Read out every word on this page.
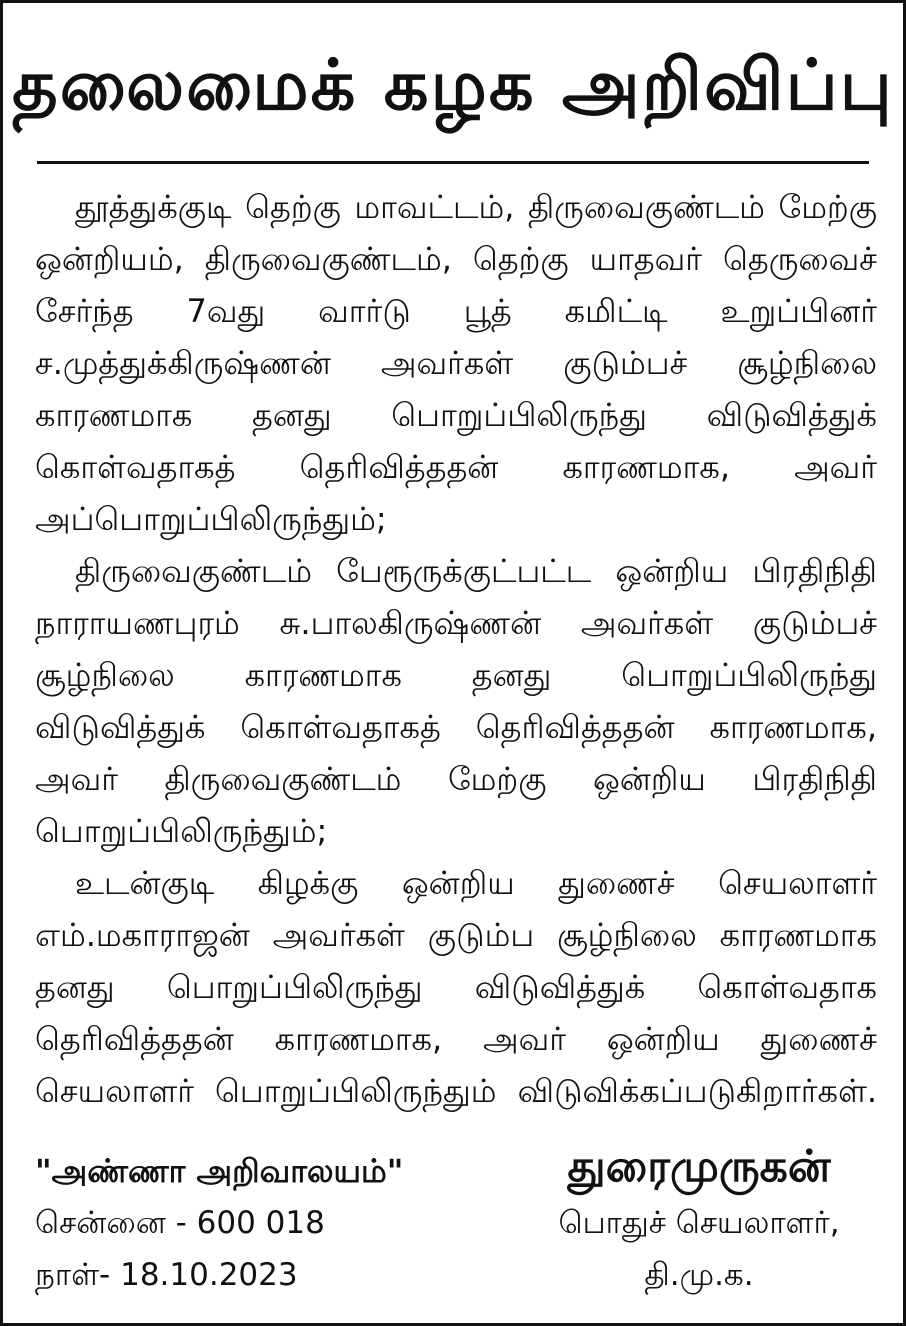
தலைமைக் கழக அறிவிப்பு

தூத்துக்குடி தெற்கு மாவட்டம், திருவைகுண்டம் மேற்கு ஒன்றியம், திருவைகுண்டம், தெற்கு யாதவர் தெருவைச் சேர்ந்த 7வது வார்டு பூத் கமிட்டி உறுப்பினர் ச.முத்துக்கிருஷ்ணன் அவர்கள் குடும்பச் சூழ்நிலை காரணமாக தனது பொறுப்பிலிருந்து விடுவித்துக் கொள்வதாகத் தெரிவித்ததன் காரணமாக, அவர் அப்பொறுப்பிலிருந்தும்;

திருவைகுண்டம் பேரூருக்குட்பட்ட ஒன்றிய பிரதிநிதி நாராயணபுரம் சு.பாலகிருஷ்ணன் அவர்கள் குடும்பச் சூழ்நிலை காரணமாக தனது பொறுப்பிலிருந்து விடுவித்துக் கொள்வதாகத் தெரிவித்ததன் காரணமாக, அவர் திருவைகுண்டம் மேற்கு ஒன்றிய பிரதிநிதி பொறுப்பிலிருந்தும்;

உடன்குடி கிழக்கு ஒன்றிய துணைச் செயலாளர் எம்.மகாராஜன் அவர்கள் குடும்ப சூழ்நிலை காரணமாக தனது பொறுப்பிலிருந்து விடுவித்துக் கொள்வதாக தெரிவித்ததன் காரணமாக, அவர் ஒன்றிய துணைச் செயலாளர் பொறுப்பிலிருந்தும் விடுவிக்கப்படுகிறார்கள்.

"அண்ணா அறிவாலயம்"
சென்னை - 600 018
நாள்- 18.10.2023
துரைமுருகன்
பொதுச் செயலாளர்,
தி.மு.க.
